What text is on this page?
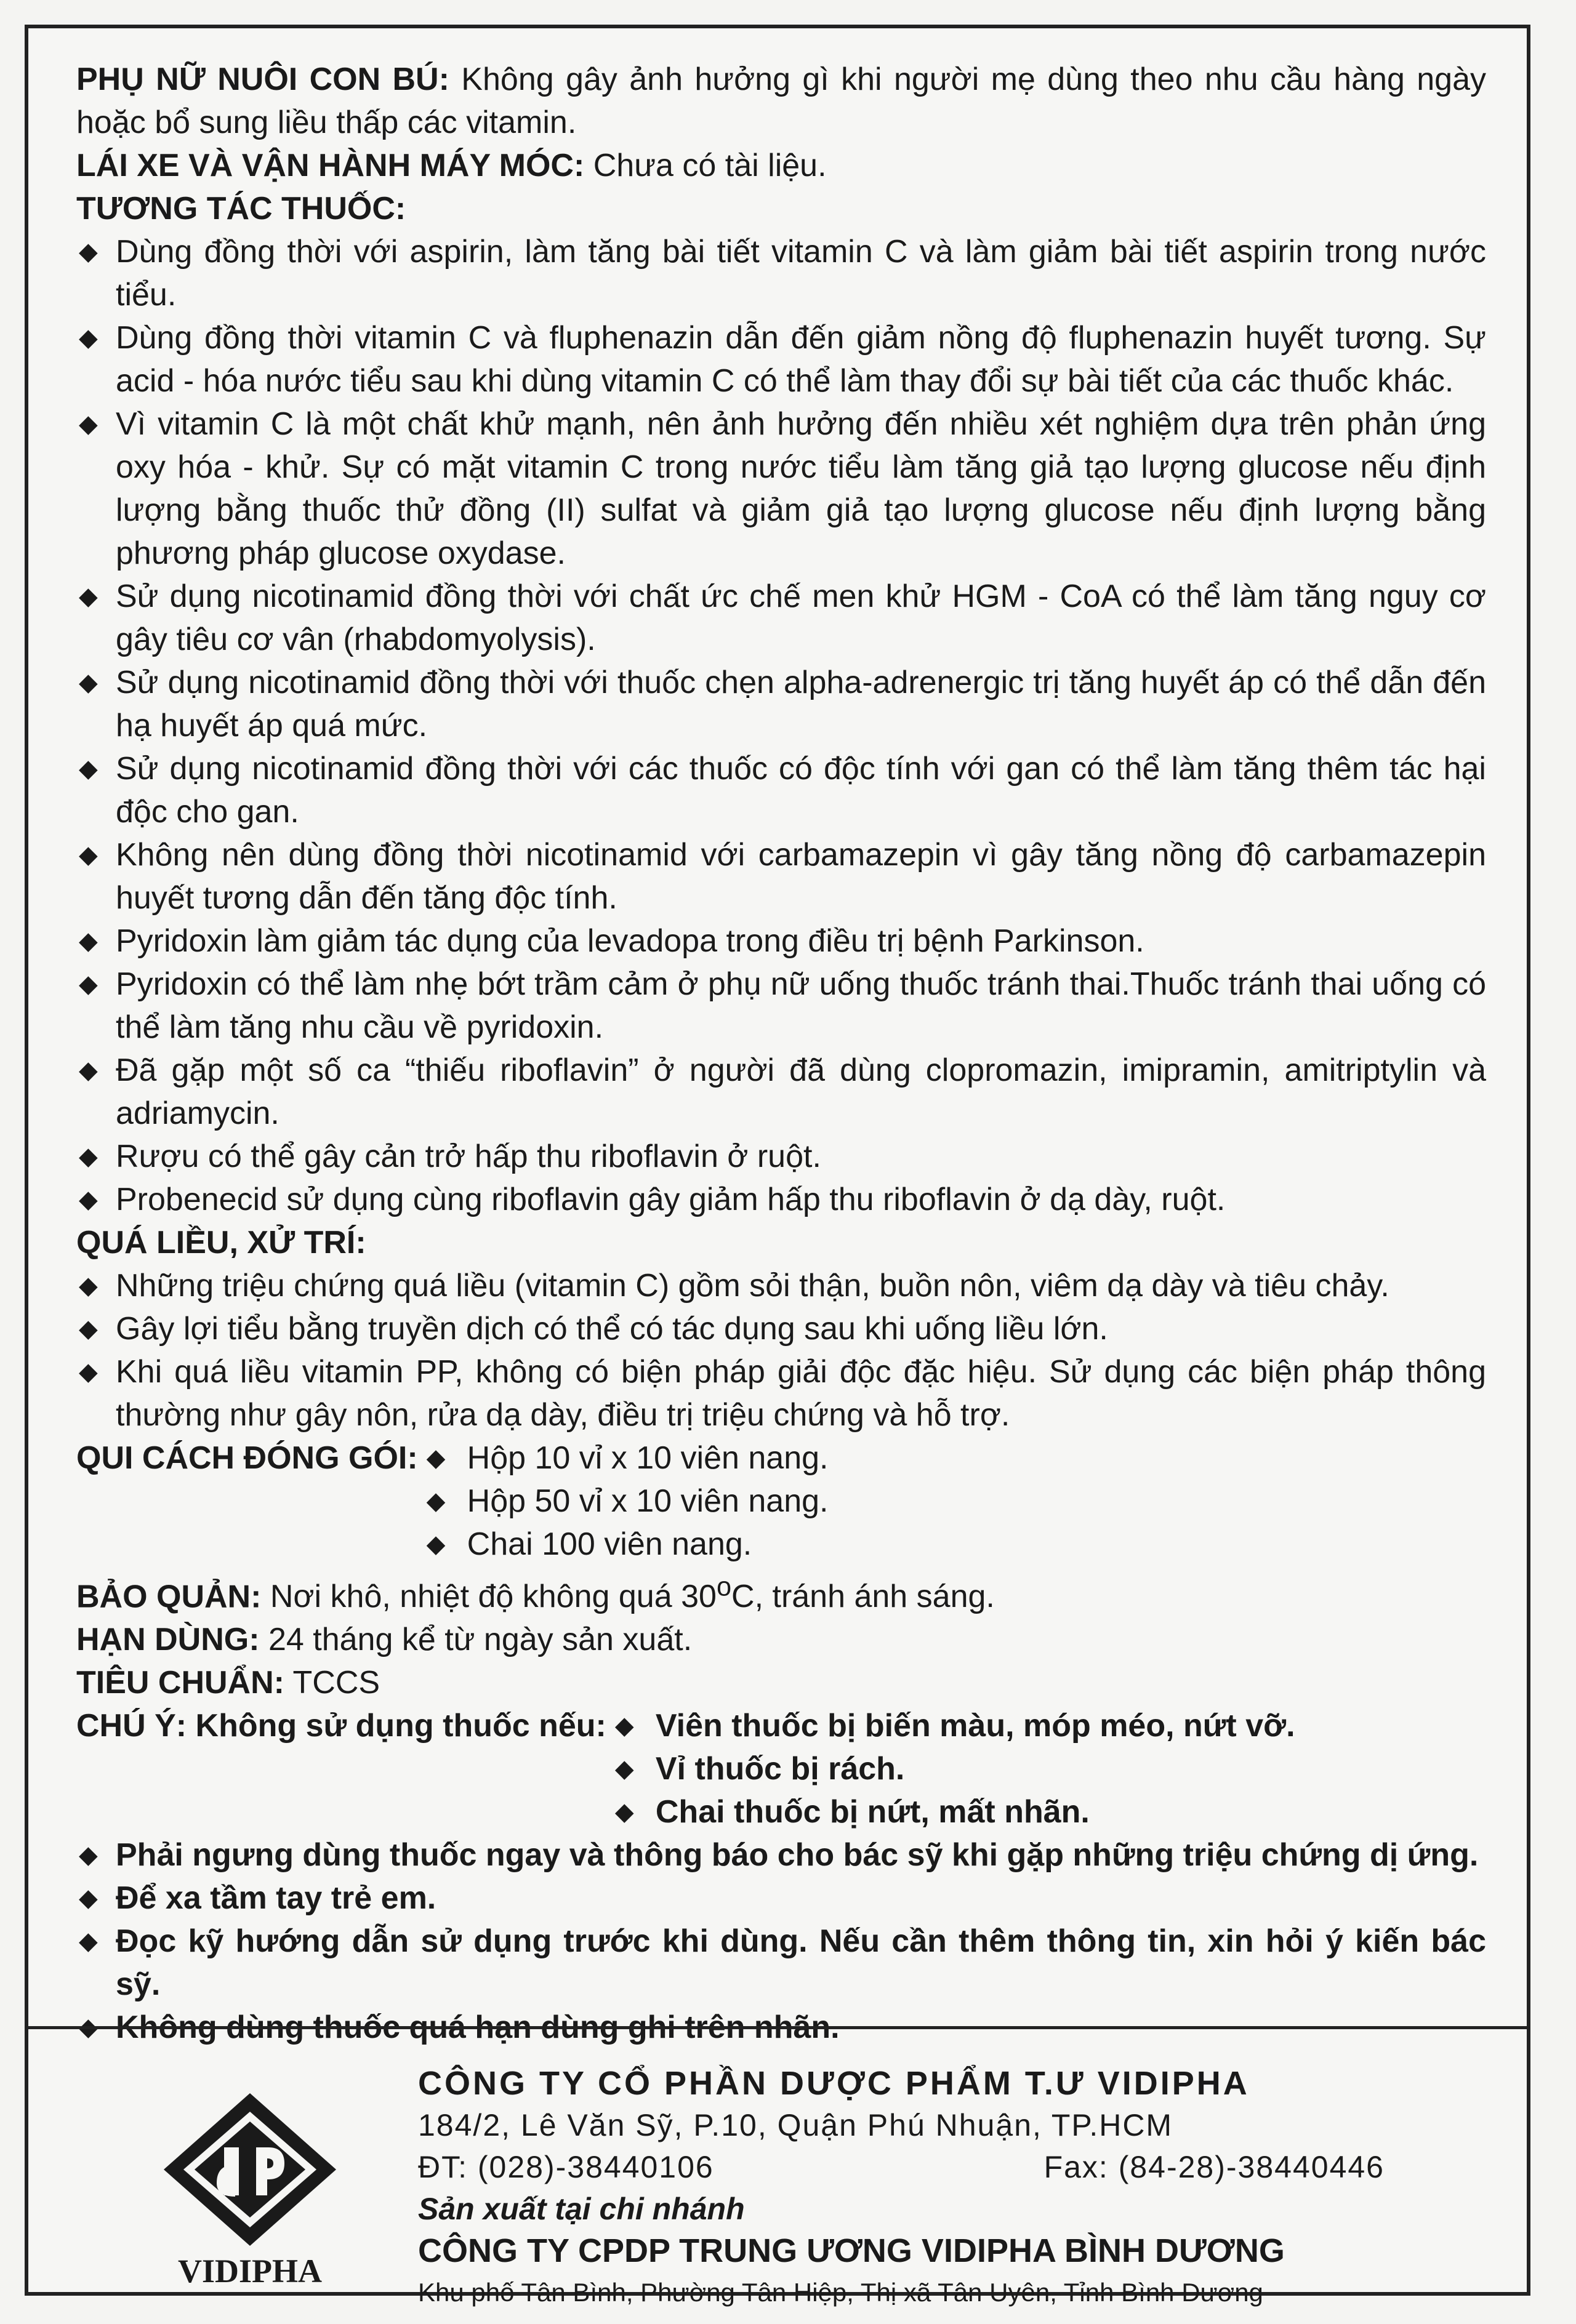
PHỤ NỮ NUÔI CON BÚ: Không gây ảnh hưởng gì khi người mẹ dùng theo nhu cầu hàng ngày hoặc bổ sung liều thấp các vitamin.

LÁI XE VÀ VẬN HÀNH MÁY MÓC: Chưa có tài liệu.

TƯƠNG TÁC THUỐC:

◆ Dùng đồng thời với aspirin, làm tăng bài tiết vitamin C và làm giảm bài tiết aspirin trong nước tiểu.
◆ Dùng đồng thời vitamin C và fluphenazin dẫn đến giảm nồng độ fluphenazin huyết tương. Sự acid - hóa nước tiểu sau khi dùng vitamin C có thể làm thay đổi sự bài tiết của các thuốc khác.
◆ Vì vitamin C là một chất khử mạnh, nên ảnh hưởng đến nhiều xét nghiệm dựa trên phản ứng oxy hóa - khử. Sự có mặt vitamin C trong nước tiểu làm tăng giả tạo lượng glucose nếu định lượng bằng thuốc thử đồng (II) sulfat và giảm giả tạo lượng glucose nếu định lượng bằng phương pháp glucose oxydase.
◆ Sử dụng nicotinamid đồng thời với chất ức chế men khử HGM - CoA có thể làm tăng nguy cơ gây tiêu cơ vân (rhabdomyolysis).
◆ Sử dụng nicotinamid đồng thời với thuốc chẹn alpha-adrenergic trị tăng huyết áp có thể dẫn đến hạ huyết áp quá mức.
◆ Sử dụng nicotinamid đồng thời với các thuốc có độc tính với gan có thể làm tăng thêm tác hại độc cho gan.
◆ Không nên dùng đồng thời nicotinamid với carbamazepin vì gây tăng nồng độ carbamazepin huyết tương dẫn đến tăng độc tính.
◆ Pyridoxin làm giảm tác dụng của levadopa trong điều trị bệnh Parkinson.
◆ Pyridoxin có thể làm nhẹ bớt trầm cảm ở phụ nữ uống thuốc tránh thai.Thuốc tránh thai uống có thể làm tăng nhu cầu về pyridoxin.
◆ Đã gặp một số ca “thiếu riboflavin” ở người đã dùng clopromazin, imipramin, amitriptylin và adriamycin.
◆ Rượu có thể gây cản trở hấp thu riboflavin ở ruột.
◆ Probenecid sử dụng cùng riboflavin gây giảm hấp thu riboflavin ở dạ dày, ruột.

QUÁ LIỀU, XỬ TRÍ:

◆ Những triệu chứng quá liều (vitamin C) gồm sỏi thận, buồn nôn, viêm dạ dày và tiêu chảy.
◆ Gây lợi tiểu bằng truyền dịch có thể có tác dụng sau khi uống liều lớn.
◆ Khi quá liều vitamin PP, không có biện pháp giải độc đặc hiệu. Sử dụng các biện pháp thông thường như gây nôn, rửa dạ dày, điều trị triệu chứng và hỗ trợ.
QUI CÁCH ĐÓNG GÓI: ◆ Hộp 10 vỉ x 10 viên nang.
◆ Hộp 50 vỉ x 10 viên nang.
◆ Chai 100 viên nang.

BẢO QUẢN: Nơi khô, nhiệt độ không quá 30$^o$C, tránh ánh sáng.

HẠN DÙNG: 24 tháng kể từ ngày sản xuất.

TIÊU CHUẨN: TCCS

CHÚ Ý: Không sử dụng thuốc nếu: ◆ Viên thuốc bị biến màu, móp méo, nứt vỡ.
◆ Vỉ thuốc bị rách.
◆ Chai thuốc bị nứt, mất nhãn.
◆ Phải ngưng dùng thuốc ngay và thông báo cho bác sỹ khi gặp những triệu chứng dị ứng.
◆ Để xa tầm tay trẻ em.
◆ Đọc kỹ hướng dẫn sử dụng trước khi dùng. Nếu cần thêm thông tin, xin hỏi ý kiến bác sỹ.
◆ Không dùng thuốc quá hạn dùng ghi trên nhãn.
VIDIPHA
CÔNG TY CỔ PHẦN DƯỢC PHẨM T.Ư VIDIPHA
184/2, Lê Văn Sỹ, P.10, Quận Phú Nhuận, TP.HCM
ĐT: (028)-38440106	Fax: (84-28)-38440446
Sản xuất tại chi nhánh
CÔNG TY CPDP TRUNG ƯƠNG VIDIPHA BÌNH DƯƠNG
Khu phố Tân Bình, Phường Tân Hiệp, Thị xã Tân Uyên, Tỉnh Bình Dương
